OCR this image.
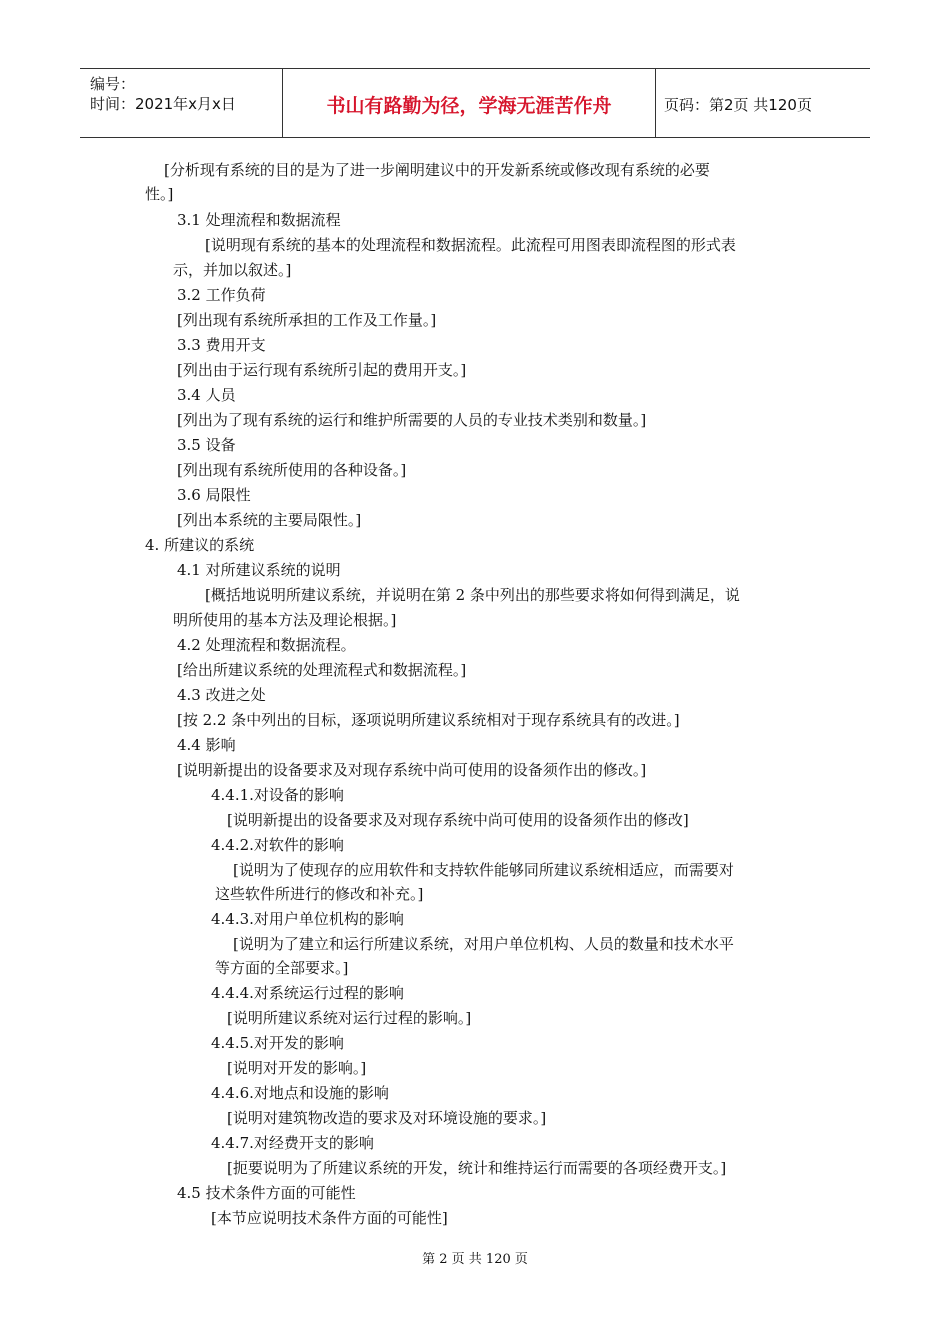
编号：
时间：2021年x月x日	书山有路勤为径，学海无涯苦作舟	页码：第2页 共120页
[分析现有系统的目的是为了进一步阐明建议中的开发新系统或修改现有系统的必要
性。]
3.1 处理流程和数据流程
[说明现有系统的基本的处理流程和数据流程。此流程可用图表即流程图的形式表
示，并加以叙述。]
3.2 工作负荷
[列出现有系统所承担的工作及工作量。]
3.3 费用开支
[列出由于运行现有系统所引起的费用开支。]
3.4 人员
[列出为了现有系统的运行和维护所需要的人员的专业技术类别和数量。]
3.5 设备
[列出现有系统所使用的各种设备。]
3.6 局限性
[列出本系统的主要局限性。]
4. 所建议的系统
4.1 对所建议系统的说明
[概括地说明所建议系统，并说明在第 2 条中列出的那些要求将如何得到满足，说
明所使用的基本方法及理论根据。]
4.2 处理流程和数据流程。
[给出所建议系统的处理流程式和数据流程。]
4.3 改进之处
[按 2.2 条中列出的目标，逐项说明所建议系统相对于现存系统具有的改进。]
4.4 影响
[说明新提出的设备要求及对现存系统中尚可使用的设备须作出的修改。]
4.4.1.对设备的影响
[说明新提出的设备要求及对现存系统中尚可使用的设备须作出的修改]
4.4.2.对软件的影响
[说明为了使现存的应用软件和支持软件能够同所建议系统相适应，而需要对
这些软件所进行的修改和补充。]
4.4.3.对用户单位机构的影响
[说明为了建立和运行所建议系统，对用户单位机构、人员的数量和技术水平
等方面的全部要求。]
4.4.4.对系统运行过程的影响
[说明所建议系统对运行过程的影响。]
4.4.5.对开发的影响
[说明对开发的影响。]
4.4.6.对地点和设施的影响
[说明对建筑物改造的要求及对环境设施的要求。]
4.4.7.对经费开支的影响
[扼要说明为了所建议系统的开发，统计和维持运行而需要的各项经费开支。]
4.5 技术条件方面的可能性
[本节应说明技术条件方面的可能性]
第 2 页 共 120 页
